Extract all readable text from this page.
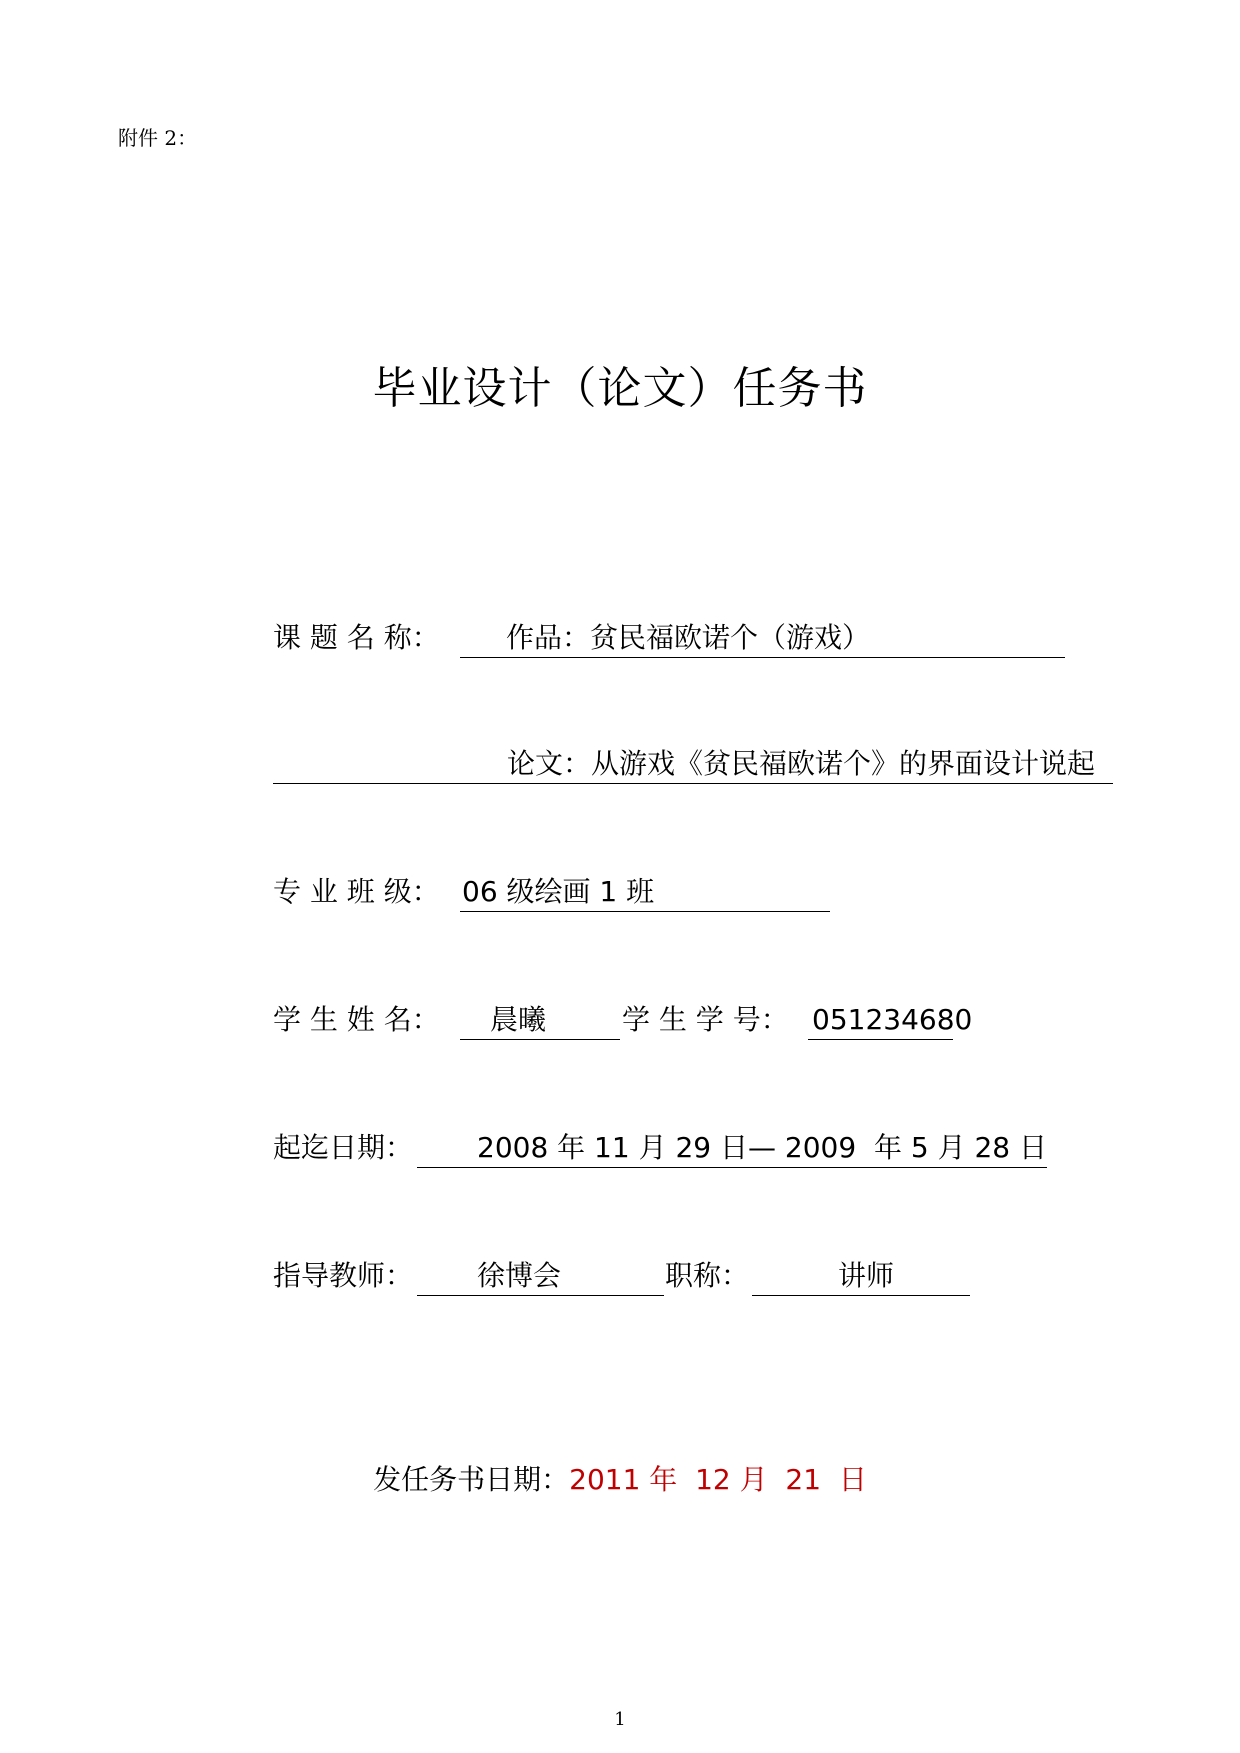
附件 2：
毕业设计（论文）任务书
课 题 名 称： 作品：贫民福欧诺个（游戏）
论文：从游戏《贫民福欧诺个》的界面设计说起
专 业 班 级： 06 级绘画 1 班
学 生 姓 名： 晨曦	学 生 学 号： 051234680
起迄日期： 2008 年 11 月 29 日— 2009  年 5 月 28 日
指导教师： 徐博会	职称：	讲师
发任务书日期：2011 年  12 月  21  日
1
